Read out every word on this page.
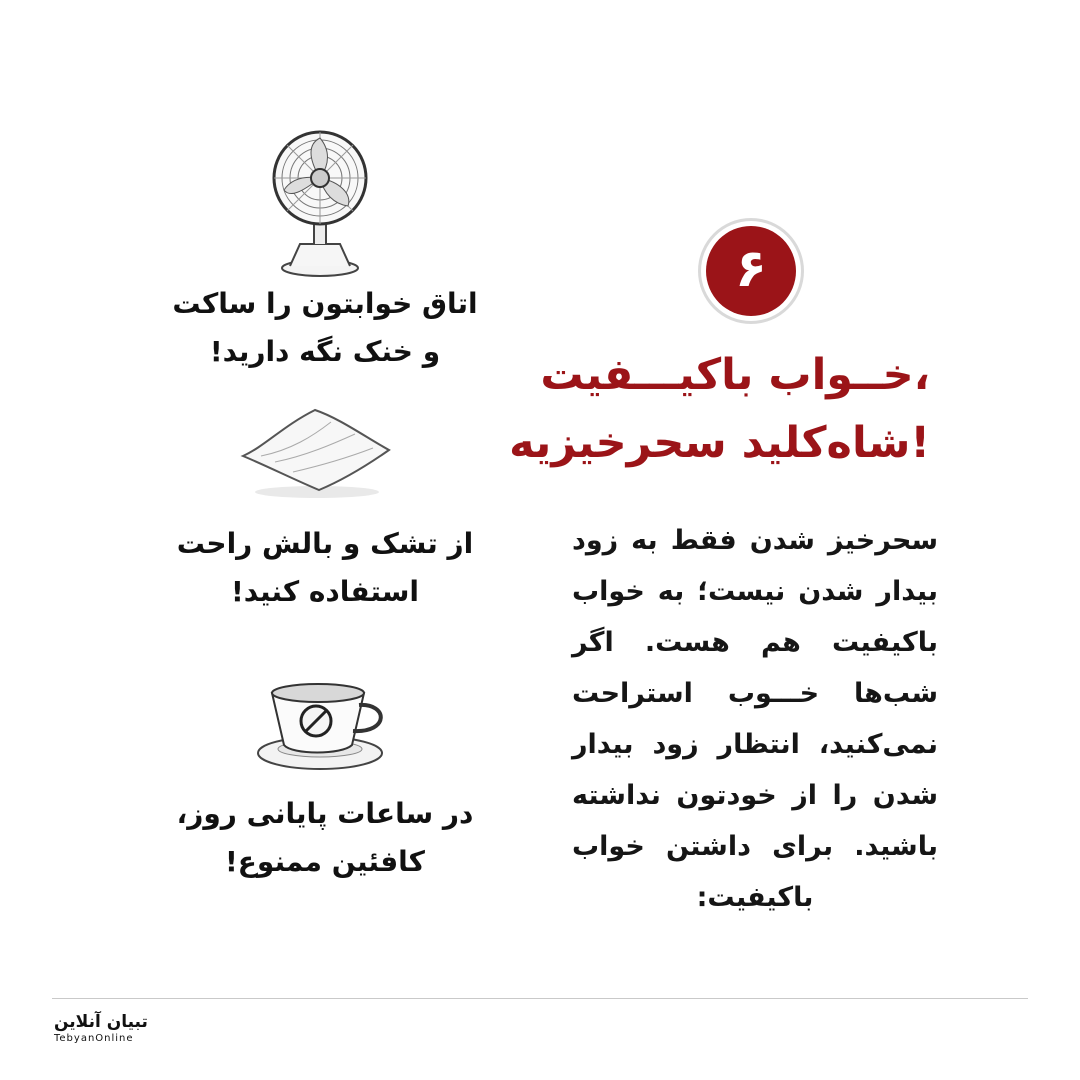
۶
خــواب باکیـــفیت،
شاه‌کلید سحرخیزیه!
سحرخیز شدن فقط به زود بیدار شدن نیست؛ به خواب باکیفیت هم هست. اگر شب‌ها خـــوب استراحت نمی‌کنید، انتظار زود بیدار شدن را از خودتون نداشته باشید. برای داشتن خواب باکیفیت:
اتاق خوابتون را ساکت
و خنک نگه دارید!
از تشک و بالش راحت
استفاده کنید!
در ساعات پایانی روز،
کافئین ممنوع!
تبیان آنلاین
TebyanOnline
